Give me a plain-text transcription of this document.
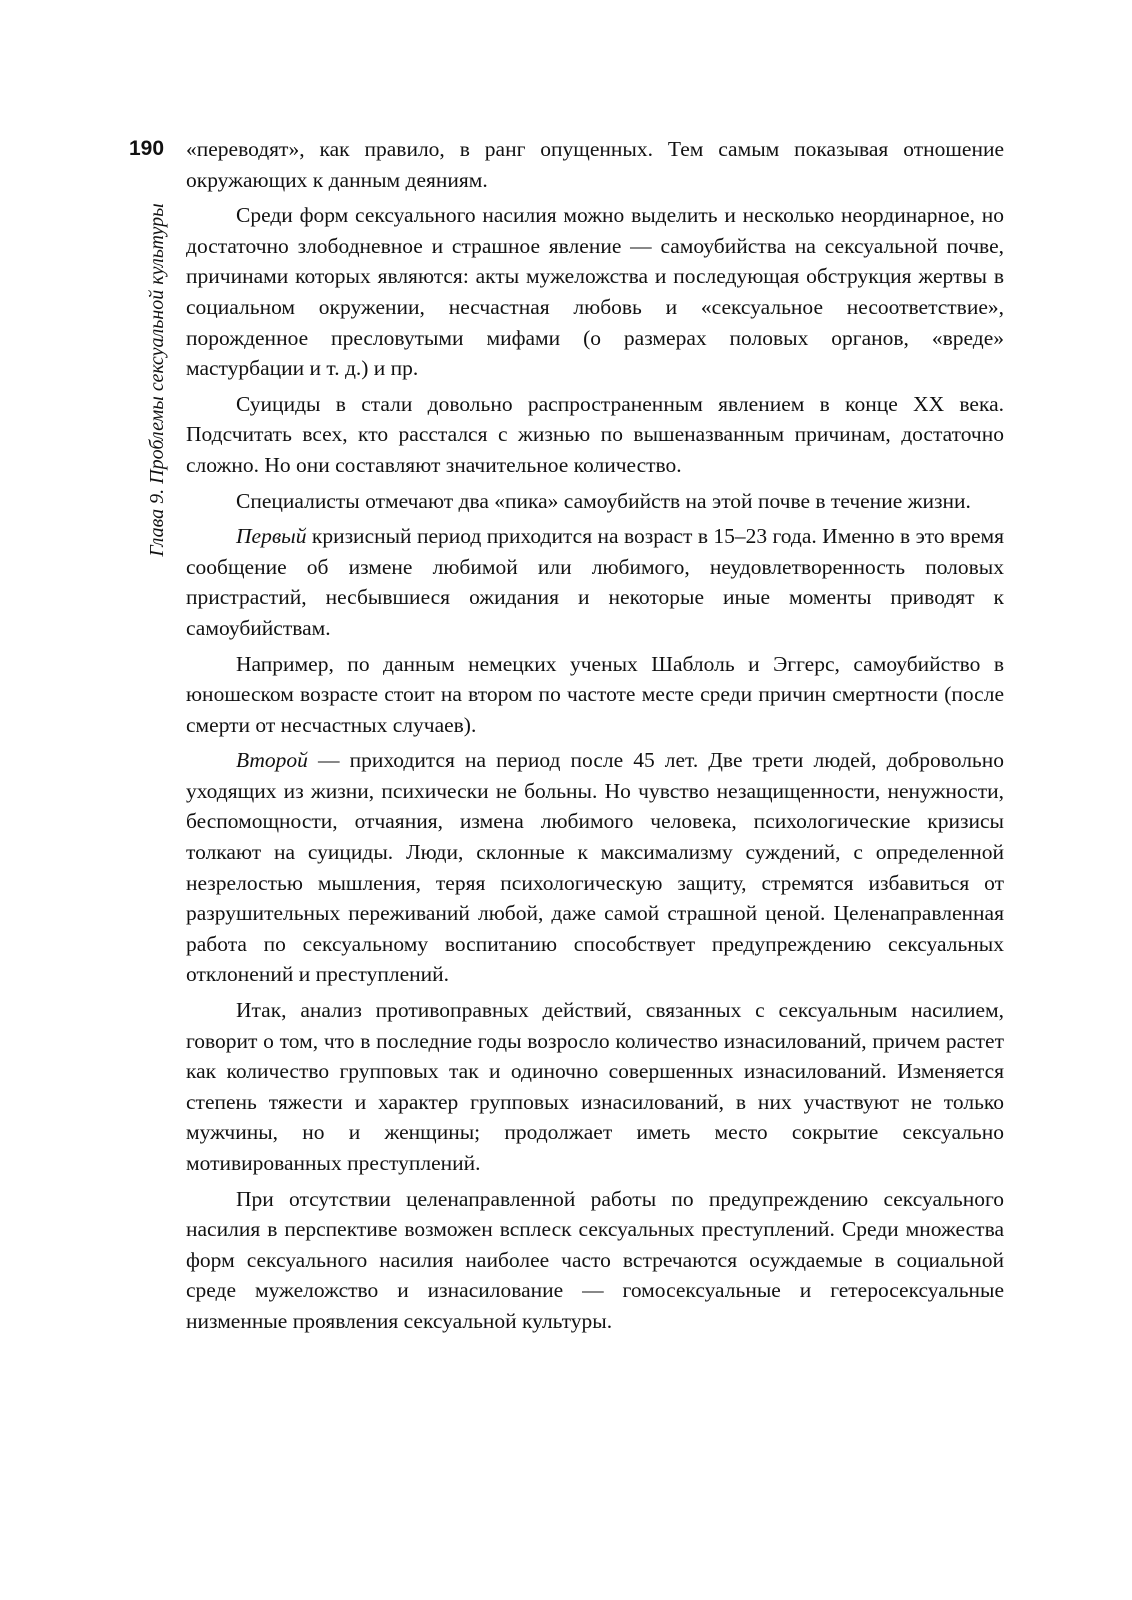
190
Глава 9. Проблемы сексуальной культуры

«переводят», как правило, в ранг опущенных. Тем самым показывая отношение окружающих к данным деяниям.

Среди форм сексуального насилия можно выделить и несколько неординарное, но достаточно злободневное и страшное явление — самоубийства на сексуальной почве, причинами которых являются: акты мужеложства и последующая обструкция жертвы в социальном окружении, несчастная любовь и «сексуальное несоответствие», порожденное пресловутыми мифами (о размерах половых органов, «вреде» мастурбации и т. д.) и пр.

Суициды в стали довольно распространенным явлением в конце XX века. Подсчитать всех, кто расстался с жизнью по вышеназванным причинам, достаточно сложно. Но они составляют значительное количество.

Специалисты отмечают два «пика» самоубийств на этой почве в течение жизни.

Первый кризисный период приходится на возраст в 15–23 года. Именно в это время сообщение об измене любимой или любимого, неудовлетворенность половых пристрастий, несбывшиеся ожидания и некоторые иные моменты приводят к самоубийствам.

Например, по данным немецких ученых Шаблоль и Эггерс, самоубийство в юношеском возрасте стоит на втором по частоте месте среди причин смертности (после смерти от несчастных случаев).

Второй — приходится на период после 45 лет. Две трети людей, добровольно уходящих из жизни, психически не больны. Но чувство незащищенности, ненужности, беспомощности, отчаяния, измена любимого человека, психологические кризисы толкают на суициды. Люди, склонные к максимализму суждений, с определенной незрелостью мышления, теряя психологическую защиту, стремятся избавиться от разрушительных переживаний любой, даже самой страшной ценой. Целенаправленная работа по сексуальному воспитанию способствует предупреждению сексуальных отклонений и преступлений.

Итак, анализ противоправных действий, связанных с сексуальным насилием, говорит о том, что в последние годы возросло количество изнасилований, причем растет как количество групповых так и одиночно совершенных изнасилований. Изменяется степень тяжести и характер групповых изнасилований, в них участвуют не только мужчины, но и женщины; продолжает иметь место сокрытие сексуально мотивированных преступлений.

При отсутствии целенаправленной работы по предупреждению сексуального насилия в перспективе возможен всплеск сексуальных преступлений. Среди множества форм сексуального насилия наиболее часто встречаются осуждаемые в социальной среде мужеложство и изнасилование — гомосексуальные и гетеросексуальные низменные проявления сексуальной культуры.
